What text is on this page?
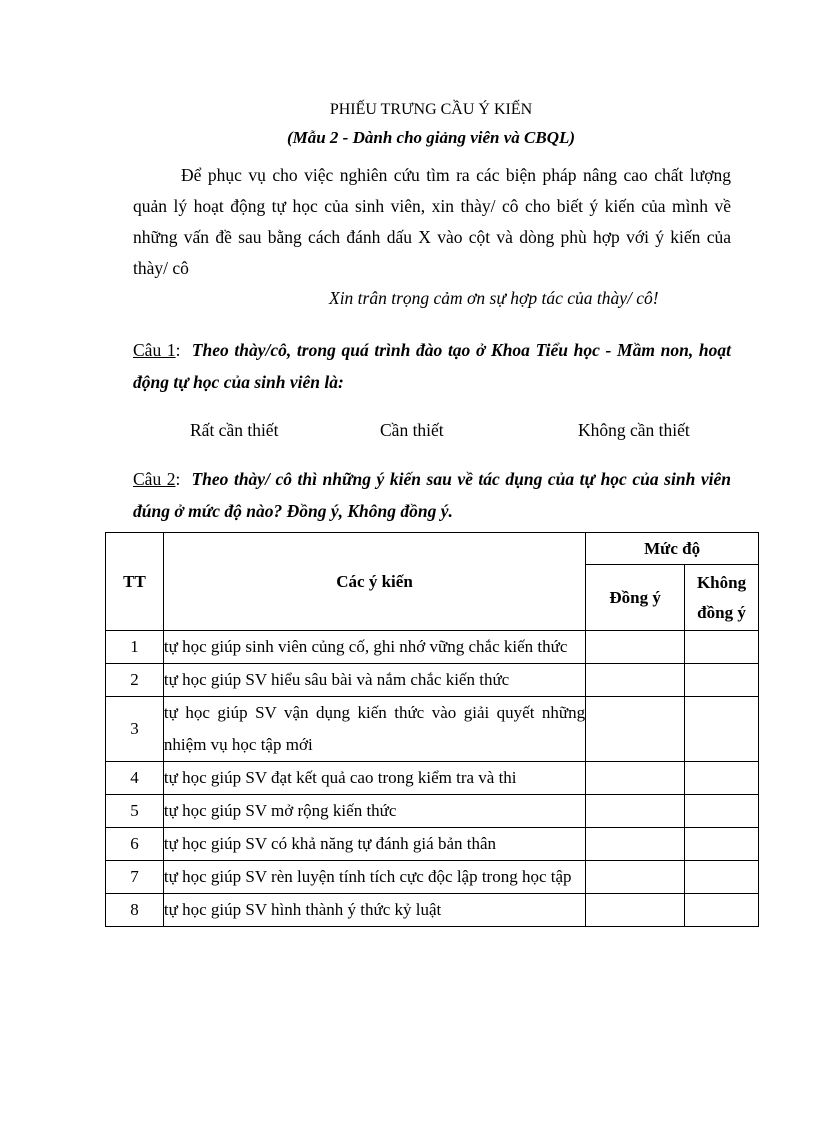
PHIẾU TRƯNG CẦU Ý KIẾN
(Mẫu 2 - Dành cho giảng viên và CBQL)

Để phục vụ cho việc nghiên cứu tìm ra các biện pháp nâng cao chất lượng quản lý hoạt động tự học của sinh viên, xin thày/ cô cho biết ý kiến của mình về những vấn đề sau bằng cách đánh dấu X vào cột và dòng phù hợp với ý kiến của thày/ cô

Xin trân trọng cảm ơn sự hợp tác của thày/ cô!

Câu 1:  Theo thày/cô, trong quá trình đào tạo ở Khoa Tiểu học - Mầm non, hoạt động tự học của sinh viên là:

Rất cần thiết	Cần thiết	Không cần thiết

Câu 2:  Theo thày/ cô thì những ý kiến sau về tác dụng của tự học của sinh viên đúng ở mức độ nào? Đồng ý, Không đồng ý.

TT	Các ý kiến	Mức độ	
		Đồng ý	Không đồng ý
1	tự học giúp sinh viên củng cố, ghi nhớ vững chắc kiến thức		
2	tự học giúp SV hiểu sâu bài và nắm chắc kiến thức		
3	tự học giúp SV vận dụng kiến thức vào giải quyết những nhiệm vụ học tập mới		
4	tự học giúp SV đạt kết quả cao trong kiểm tra và thi		
5	tự học giúp SV mở rộng kiến thức		
6	tự học giúp SV có khả năng tự đánh giá bản thân		
7	tự học giúp SV rèn luyện tính tích cực độc lập trong học tập		
8	tự học giúp SV hình thành ý thức kỷ luật		
